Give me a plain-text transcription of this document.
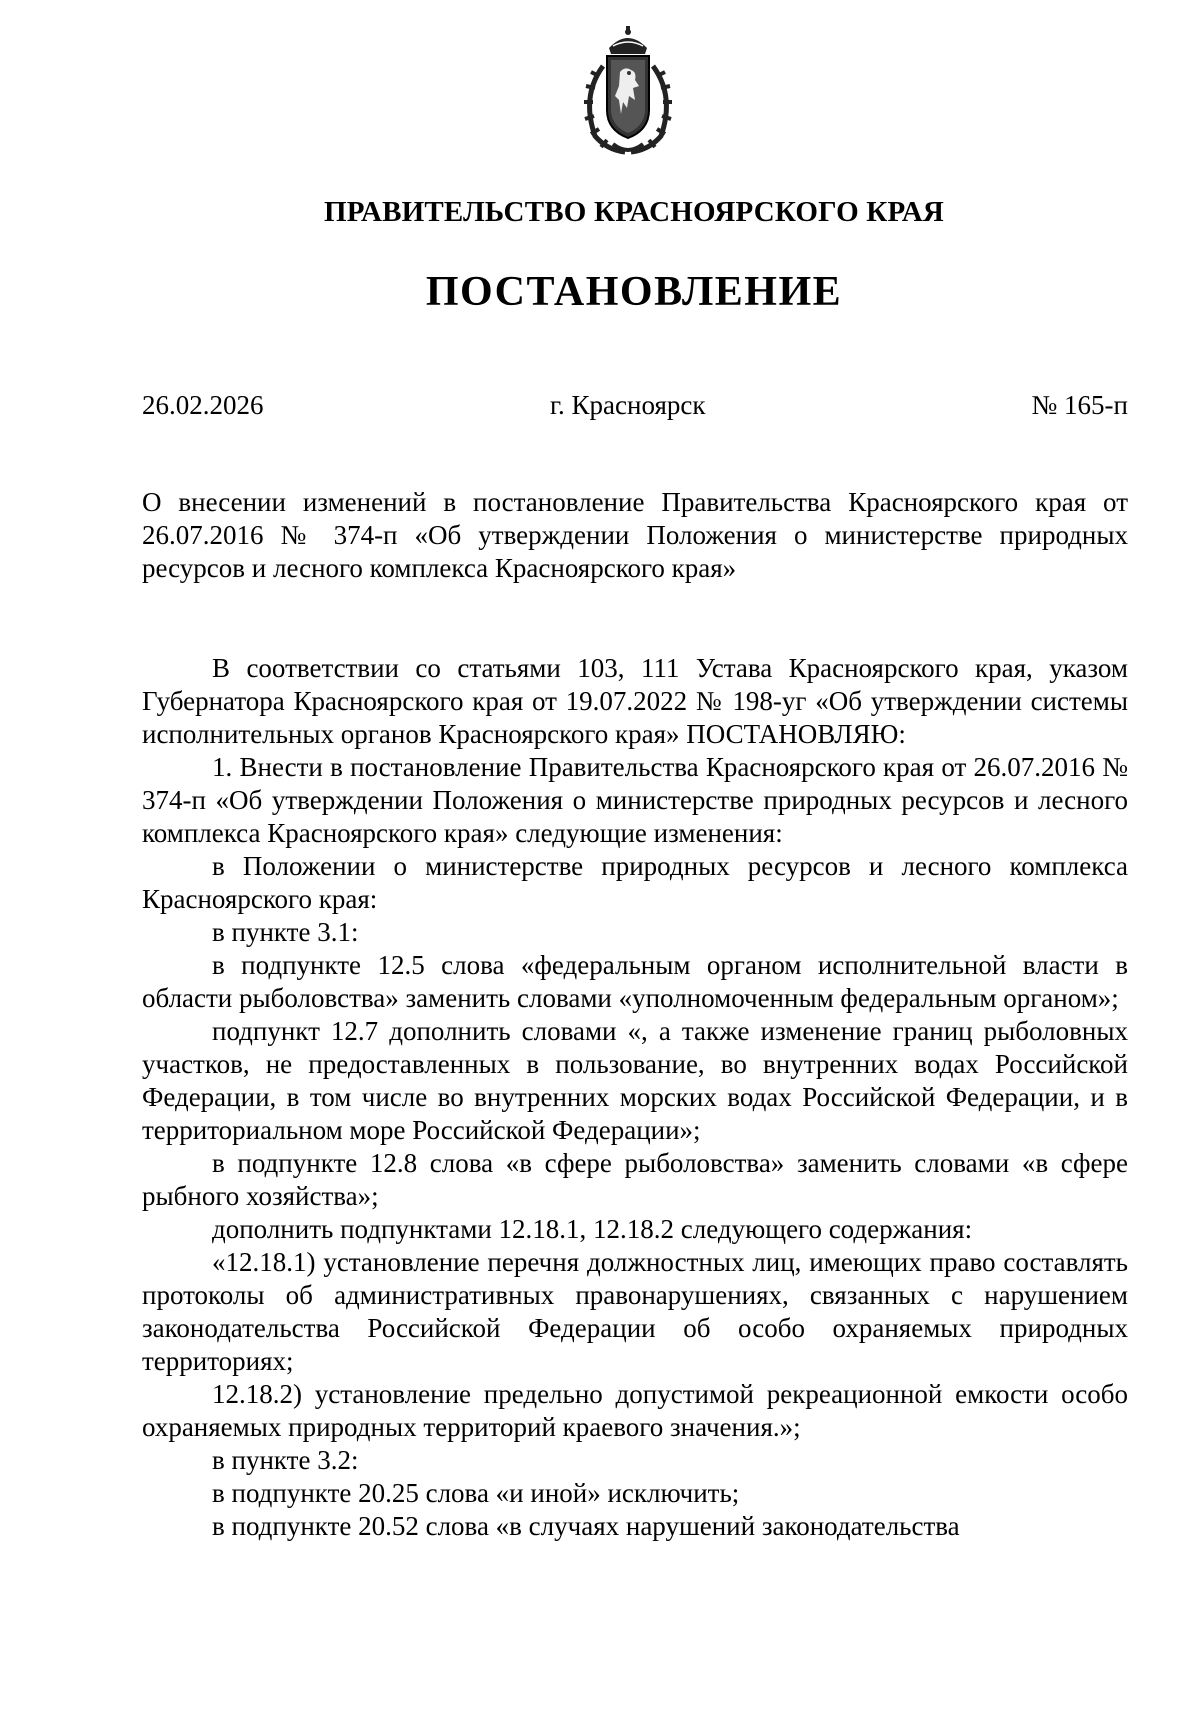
ПРАВИТЕЛЬСТВО КРАСНОЯРСКОГО КРАЯ
ПОСТАНОВЛЕНИЕ
26.02.2026	г. Красноярск	№ 165-п

О внесении изменений в постановление Правительства Красноярского края от 26.07.2016 № 374-п «Об утверждении Положения о министерстве природных ресурсов и лесного комплекса Красноярского края»

В соответствии со статьями 103, 111 Устава Красноярского края, указом Губернатора Красноярского края от 19.07.2022 № 198-уг «Об утверждении системы исполнительных органов Красноярского края» ПОСТАНОВЛЯЮ:

1. Внести в постановление Правительства Красноярского края от 26.07.2016 № 374-п «Об утверждении Положения о министерстве природных ресурсов и лесного комплекса Красноярского края» следующие изменения:

в Положении о министерстве природных ресурсов и лесного комплекса Красноярского края:

в пункте 3.1:

в подпункте 12.5 слова «федеральным органом исполнительной власти в области рыболовства» заменить словами «уполномоченным федеральным органом»;

подпункт 12.7 дополнить словами «, а также изменение границ рыболовных участков, не предоставленных в пользование, во внутренних водах Российской Федерации, в том числе во внутренних морских водах Российской Федерации, и в территориальном море Российской Федерации»;

в подпункте 12.8 слова «в сфере рыболовства» заменить словами «в сфере рыбного хозяйства»;

дополнить подпунктами 12.18.1, 12.18.2 следующего содержания:

«12.18.1) установление перечня должностных лиц, имеющих право составлять протоколы об административных правонарушениях, связанных с нарушением законодательства Российской Федерации об особо охраняемых природных территориях;

12.18.2) установление предельно допустимой рекреационной емкости особо охраняемых природных территорий краевого значения.»;

в пункте 3.2:

в подпункте 20.25 слова «и иной» исключить;

в подпункте 20.52 слова «в случаях нарушений законодательства
